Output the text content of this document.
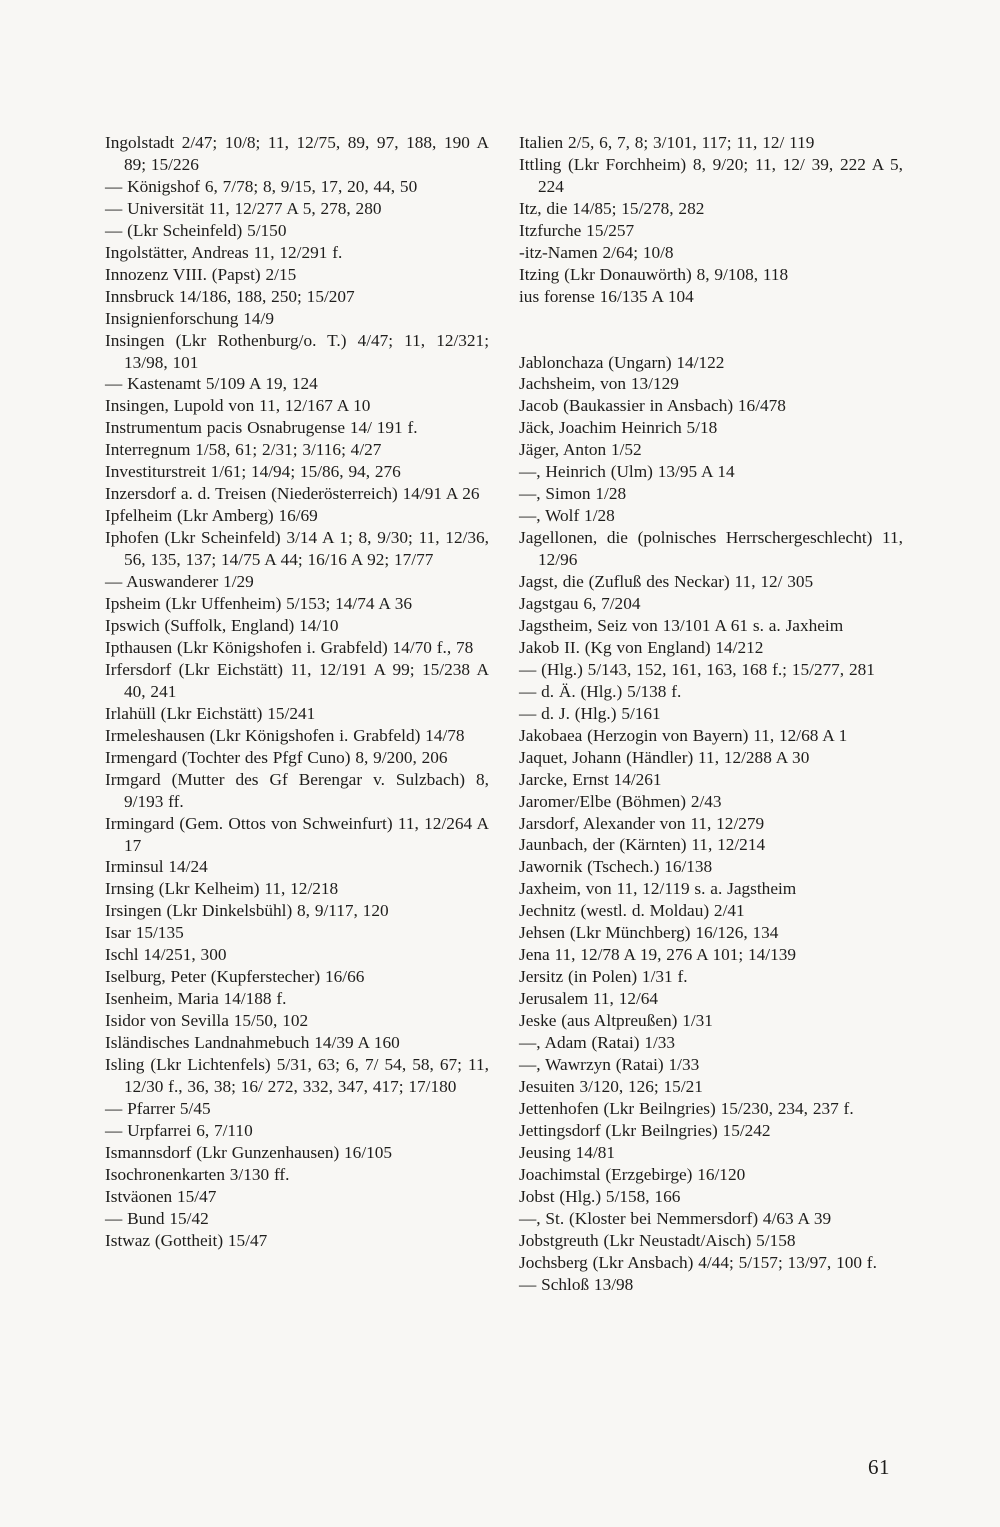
Ingolstadt 2/47; 10/8; 11, 12/75, 89, 97, 188, 190 A 89; 15/226
— Königshof 6, 7/78; 8, 9/15, 17, 20, 44, 50
— Universität 11, 12/277 A 5, 278, 280
— (Lkr Scheinfeld) 5/150
Ingolstätter, Andreas 11, 12/291 f.
Innozenz VIII. (Papst) 2/15
Innsbruck 14/186, 188, 250; 15/207
Insignienforschung 14/9
Insingen (Lkr Rothenburg/o. T.) 4/47; 11, 12/321; 13/98, 101
— Kastenamt 5/109 A 19, 124
Insingen, Lupold von 11, 12/167 A 10
Instrumentum pacis Osnabrugense 14/ 191 f.
Interregnum 1/58, 61; 2/31; 3/116; 4/27
Investiturstreit 1/61; 14/94; 15/86, 94, 276
Inzersdorf a. d. Treisen (Niederösterreich) 14/91 A 26
Ipfelheim (Lkr Amberg) 16/69
Iphofen (Lkr Scheinfeld) 3/14 A 1; 8, 9/30; 11, 12/36, 56, 135, 137; 14/75 A 44; 16/16 A 92; 17/77
— Auswanderer 1/29
Ipsheim (Lkr Uffenheim) 5/153; 14/74 A 36
Ipswich (Suffolk, England) 14/10
Ipthausen (Lkr Königshofen i. Grabfeld) 14/70 f., 78
Irfersdorf (Lkr Eichstätt) 11, 12/191 A 99; 15/238 A 40, 241
Irlahüll (Lkr Eichstätt) 15/241
Irmeleshausen (Lkr Königshofen i. Grabfeld) 14/78
Irmengard (Tochter des Pfgf Cuno) 8, 9/200, 206
Irmgard (Mutter des Gf Berengar v. Sulzbach) 8, 9/193 ff.
Irmingard (Gem. Ottos von Schweinfurt) 11, 12/264 A 17
Irminsul 14/24
Irnsing (Lkr Kelheim) 11, 12/218
Irsingen (Lkr Dinkelsbühl) 8, 9/117, 120
Isar 15/135
Ischl 14/251, 300
Iselburg, Peter (Kupferstecher) 16/66
Isenheim, Maria 14/188 f.
Isidor von Sevilla 15/50, 102
Isländisches Landnahmebuch 14/39 A 160
Isling (Lkr Lichtenfels) 5/31, 63; 6, 7/ 54, 58, 67; 11, 12/30 f., 36, 38; 16/ 272, 332, 347, 417; 17/180
— Pfarrer 5/45
— Urpfarrei 6, 7/110
Ismannsdorf (Lkr Gunzenhausen) 16/105
Isochronenkarten 3/130 ff.
Istväonen 15/47
— Bund 15/42
Istwaz (Gottheit) 15/47
Italien 2/5, 6, 7, 8; 3/101, 117; 11, 12/ 119
Ittling (Lkr Forchheim) 8, 9/20; 11, 12/ 39, 222 A 5, 224
Itz, die 14/85; 15/278, 282
Itzfurche 15/257
-itz-Namen 2/64; 10/8
Itzing (Lkr Donauwörth) 8, 9/108, 118
ius forense 16/135 A 104
Jablonchaza (Ungarn) 14/122
Jachsheim, von 13/129
Jacob (Baukassier in Ansbach) 16/478
Jäck, Joachim Heinrich 5/18
Jäger, Anton 1/52
—, Heinrich (Ulm) 13/95 A 14
—, Simon 1/28
—, Wolf 1/28
Jagellonen, die (polnisches Herrschergeschlecht) 11, 12/96
Jagst, die (Zufluß des Neckar) 11, 12/ 305
Jagstgau 6, 7/204
Jagstheim, Seiz von 13/101 A 61 s. a. Jaxheim
Jakob II. (Kg von England) 14/212
— (Hlg.) 5/143, 152, 161, 163, 168 f.; 15/277, 281
— d. Ä. (Hlg.) 5/138 f.
— d. J. (Hlg.) 5/161
Jakobaea (Herzogin von Bayern) 11, 12/68 A 1
Jaquet, Johann (Händler) 11, 12/288 A 30
Jarcke, Ernst 14/261
Jaromer/Elbe (Böhmen) 2/43
Jarsdorf, Alexander von 11, 12/279
Jaunbach, der (Kärnten) 11, 12/214
Jawornik (Tschech.) 16/138
Jaxheim, von 11, 12/119 s. a. Jagstheim
Jechnitz (westl. d. Moldau) 2/41
Jehsen (Lkr Münchberg) 16/126, 134
Jena 11, 12/78 A 19, 276 A 101; 14/139
Jersitz (in Polen) 1/31 f.
Jerusalem 11, 12/64
Jeske (aus Altpreußen) 1/31
—, Adam (Ratai) 1/33
—, Wawrzyn (Ratai) 1/33
Jesuiten 3/120, 126; 15/21
Jettenhofen (Lkr Beilngries) 15/230, 234, 237 f.
Jettingsdorf (Lkr Beilngries) 15/242
Jeusing 14/81
Joachimstal (Erzgebirge) 16/120
Jobst (Hlg.) 5/158, 166
—, St. (Kloster bei Nemmersdorf) 4/63 A 39
Jobstgreuth (Lkr Neustadt/Aisch) 5/158
Jochsberg (Lkr Ansbach) 4/44; 5/157; 13/97, 100 f.
— Schloß 13/98
61
